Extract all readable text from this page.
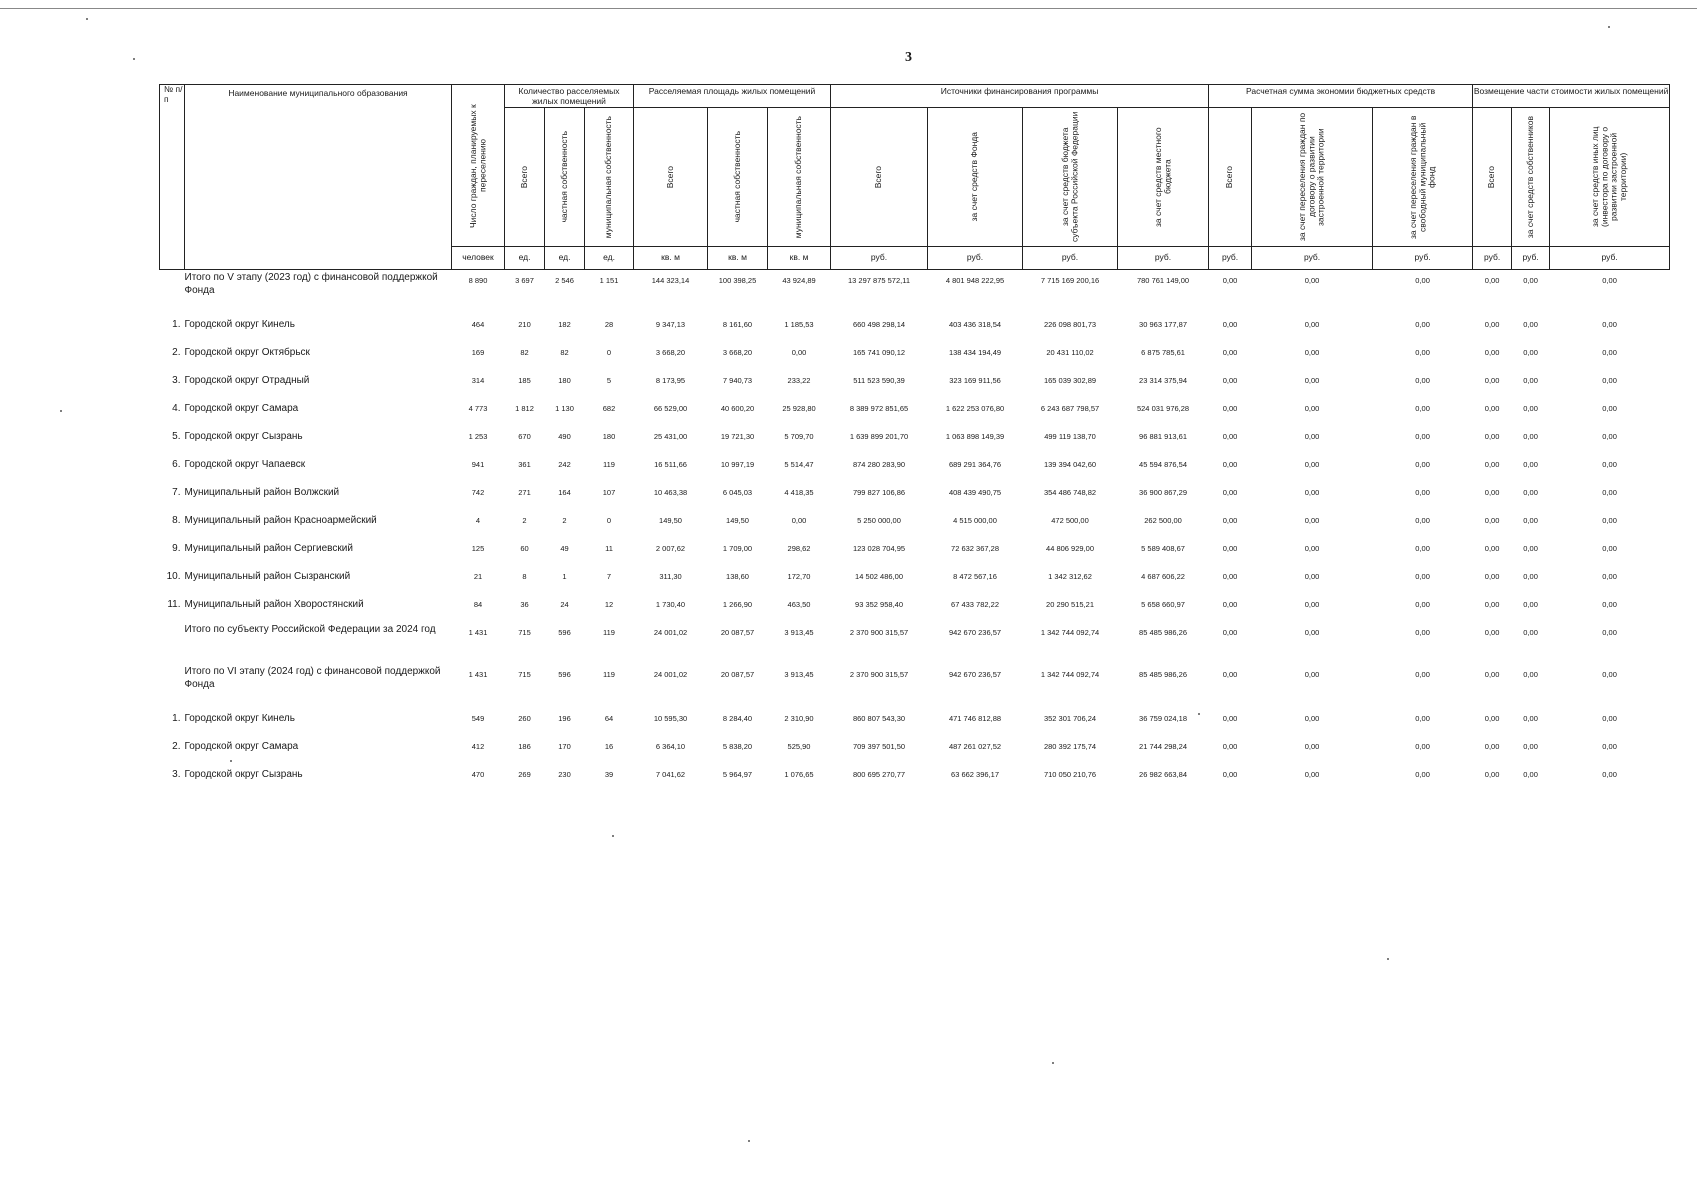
3
№ п/п	Наименование муниципального образования	Число граждан, планируемых к переселению	Количество расселяемых жилых помещений			Расселяемая площадь жилых помещений			Источники финансирования программы				Расчетная сумма экономии бюджетных средств			Возмещение части стоимости жилых помещений		

			Всего	частная собственность	муниципальная собственность	Всего	частная собственность	муниципальная собственность	Всего	за счет средств Фонда	за счет средств бюджета субъекта Российской Федерации	за счет средств местного бюджета	Всего	за счет переселения граждан по договору о развитии застроенной территории	за счет переселения граждан в свободный муниципальный фонд	Всего	за счет средств собственников	за счет средств иных лиц (инвестора по договору о развитии застроенной территории)

		человек	ед.	ед.	ед.	кв. м	кв. м	кв. м	руб.	руб.	руб.	руб.	руб.	руб.	руб.	руб.	руб.	руб.
	Итого по V этапу (2023 год) с финансовой поддержкой Фонда	8 890	3 697	2 546	1 151	144 323,14	100 398,25	43 924,89	13 297 875 572,11	4 801 948 222,95	7 715 169 200,16	780 761 149,00	0,00	0,00	0,00	0,00	0,00	0,00
1.	Городской округ Кинель	464	210	182	28	9 347,13	8 161,60	1 185,53	660 498 298,14	403 436 318,54	226 098 801,73	30 963 177,87	0,00	0,00	0,00	0,00	0,00	0,00
2.	Городской округ Октябрьск	169	82	82	0	3 668,20	3 668,20	0,00	165 741 090,12	138 434 194,49	20 431 110,02	6 875 785,61	0,00	0,00	0,00	0,00	0,00	0,00
3.	Городской округ Отрадный	314	185	180	5	8 173,95	7 940,73	233,22	511 523 590,39	323 169 911,56	165 039 302,89	23 314 375,94	0,00	0,00	0,00	0,00	0,00	0,00
4.	Городской округ Самара	4 773	1 812	1 130	682	66 529,00	40 600,20	25 928,80	8 389 972 851,65	1 622 253 076,80	6 243 687 798,57	524 031 976,28	0,00	0,00	0,00	0,00	0,00	0,00
5.	Городской округ Сызрань	1 253	670	490	180	25 431,00	19 721,30	5 709,70	1 639 899 201,70	1 063 898 149,39	499 119 138,70	96 881 913,61	0,00	0,00	0,00	0,00	0,00	0,00
6.	Городской округ Чапаевск	941	361	242	119	16 511,66	10 997,19	5 514,47	874 280 283,90	689 291 364,76	139 394 042,60	45 594 876,54	0,00	0,00	0,00	0,00	0,00	0,00
7.	Муниципальный район Волжский	742	271	164	107	10 463,38	6 045,03	4 418,35	799 827 106,86	408 439 490,75	354 486 748,82	36 900 867,29	0,00	0,00	0,00	0,00	0,00	0,00
8.	Муниципальный район Красноармейский	4	2	2	0	149,50	149,50	0,00	5 250 000,00	4 515 000,00	472 500,00	262 500,00	0,00	0,00	0,00	0,00	0,00	0,00
9.	Муниципальный район Сергиевский	125	60	49	11	2 007,62	1 709,00	298,62	123 028 704,95	72 632 367,28	44 806 929,00	5 589 408,67	0,00	0,00	0,00	0,00	0,00	0,00
10.	Муниципальный район Сызранский	21	8	1	7	311,30	138,60	172,70	14 502 486,00	8 472 567,16	1 342 312,62	4 687 606,22	0,00	0,00	0,00	0,00	0,00	0,00
11.	Муниципальный район Хворостянский	84	36	24	12	1 730,40	1 266,90	463,50	93 352 958,40	67 433 782,22	20 290 515,21	5 658 660,97	0,00	0,00	0,00	0,00	0,00	0,00
	Итого по субъекту Российской Федерации за 2024 год	1 431	715	596	119	24 001,02	20 087,57	3 913,45	2 370 900 315,57	942 670 236,57	1 342 744 092,74	85 485 986,26	0,00	0,00	0,00	0,00	0,00	0,00

	Итого по VI этапу (2024 год) с финансовой поддержкой Фонда	1 431	715	596	119	24 001,02	20 087,57	3 913,45	2 370 900 315,57	942 670 236,57	1 342 744 092,74	85 485 986,26	0,00	0,00	0,00	0,00	0,00	0,00
1.	Городской округ Кинель	549	260	196	64	10 595,30	8 284,40	2 310,90	860 807 543,30	471 746 812,88	352 301 706,24	36 759 024,18	0,00	0,00	0,00	0,00	0,00	0,00
2.	Городской округ Самара	412	186	170	16	6 364,10	5 838,20	525,90	709 397 501,50	487 261 027,52	280 392 175,74	21 744 298,24	0,00	0,00	0,00	0,00	0,00	0,00
3.	Городской округ Сызрань	470	269	230	39	7 041,62	5 964,97	1 076,65	800 695 270,77	63 662 396,17	710 050 210,76	26 982 663,84	0,00	0,00	0,00	0,00	0,00	0,00
